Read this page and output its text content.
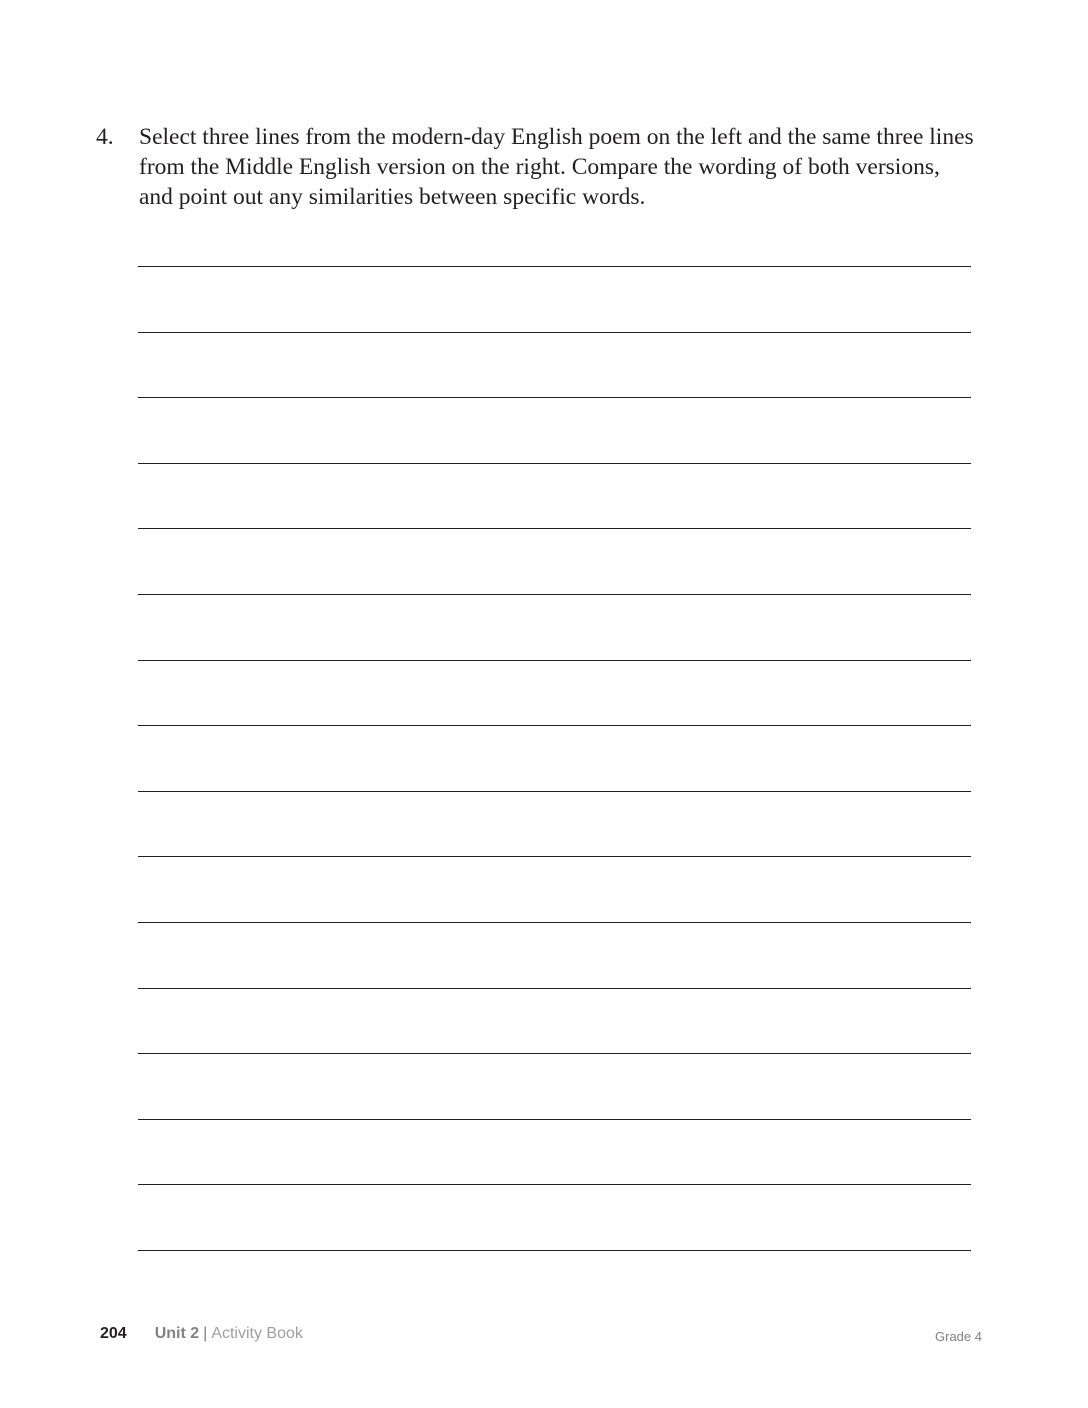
4. Select three lines from the modern-day English poem on the left and the same three lines from the Middle English version on the right. Compare the wording of both versions, and point out any similarities between specific words.
204 Unit 2 | Activity Book	Grade 4
